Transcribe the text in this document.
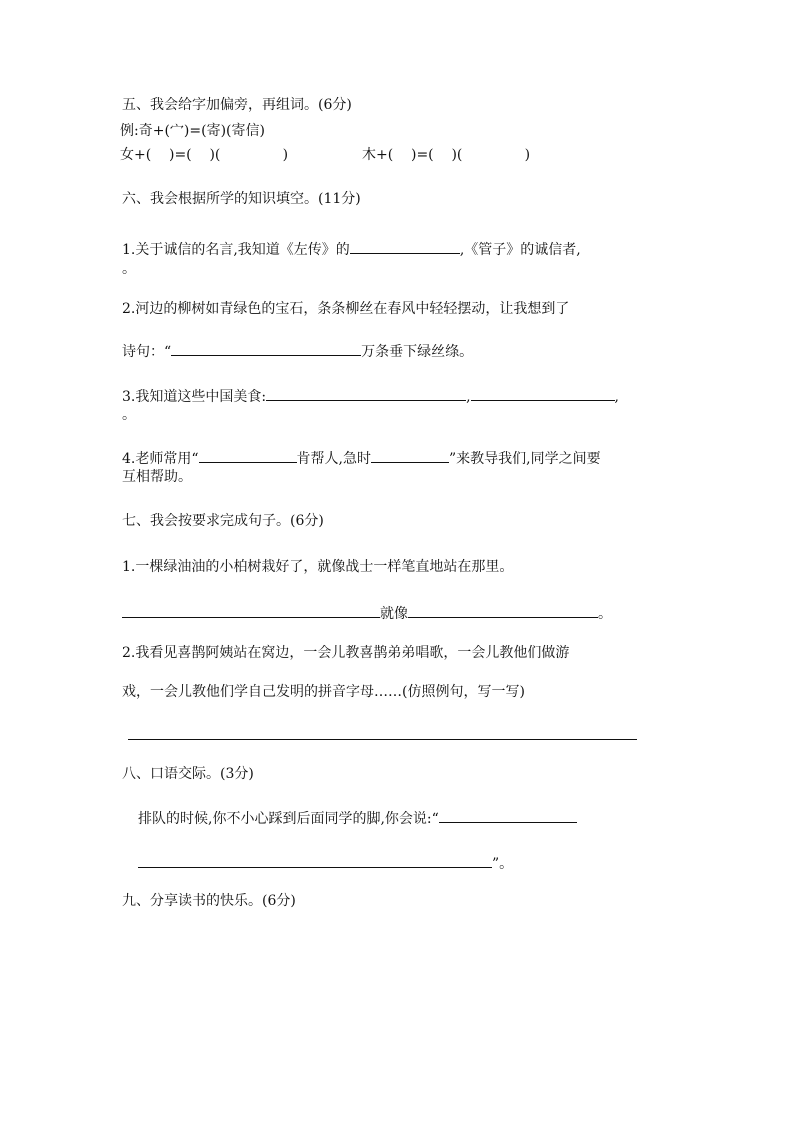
五、我会给字加偏旁，再组词。(6分)
例:奇+(宀)=(寄)(寄信)
女+(    )=(    )(              )	木+(    )=(    )(              )
六、我会根据所学的知识填空。(11分)
1.关于诚信的名言,我知道《左传》的	,《管子》的诚信者,
。
2.河边的柳树如青绿色的宝石，条条柳丝在春风中轻轻摆动，让我想到了
诗句：“	万条垂下绿丝绦。
3.我知道这些中国美食:	,	,
。
4.老师常用“	肯帮人,急时	”来教导我们,同学之间要
互相帮助。
七、我会按要求完成句子。(6分)
1.一棵绿油油的小柏树栽好了，就像战士一样笔直地站在那里。
就像	。
2.我看见喜鹊阿姨站在窝边，一会儿教喜鹊弟弟唱歌，一会儿教他们做游
戏，一会儿教他们学自己发明的拼音字母……(仿照例句，写一写)
八、口语交际。(3分)
排队的时候,你不小心踩到后面同学的脚,你会说:“
”。
九、分享读书的快乐。(6分)
